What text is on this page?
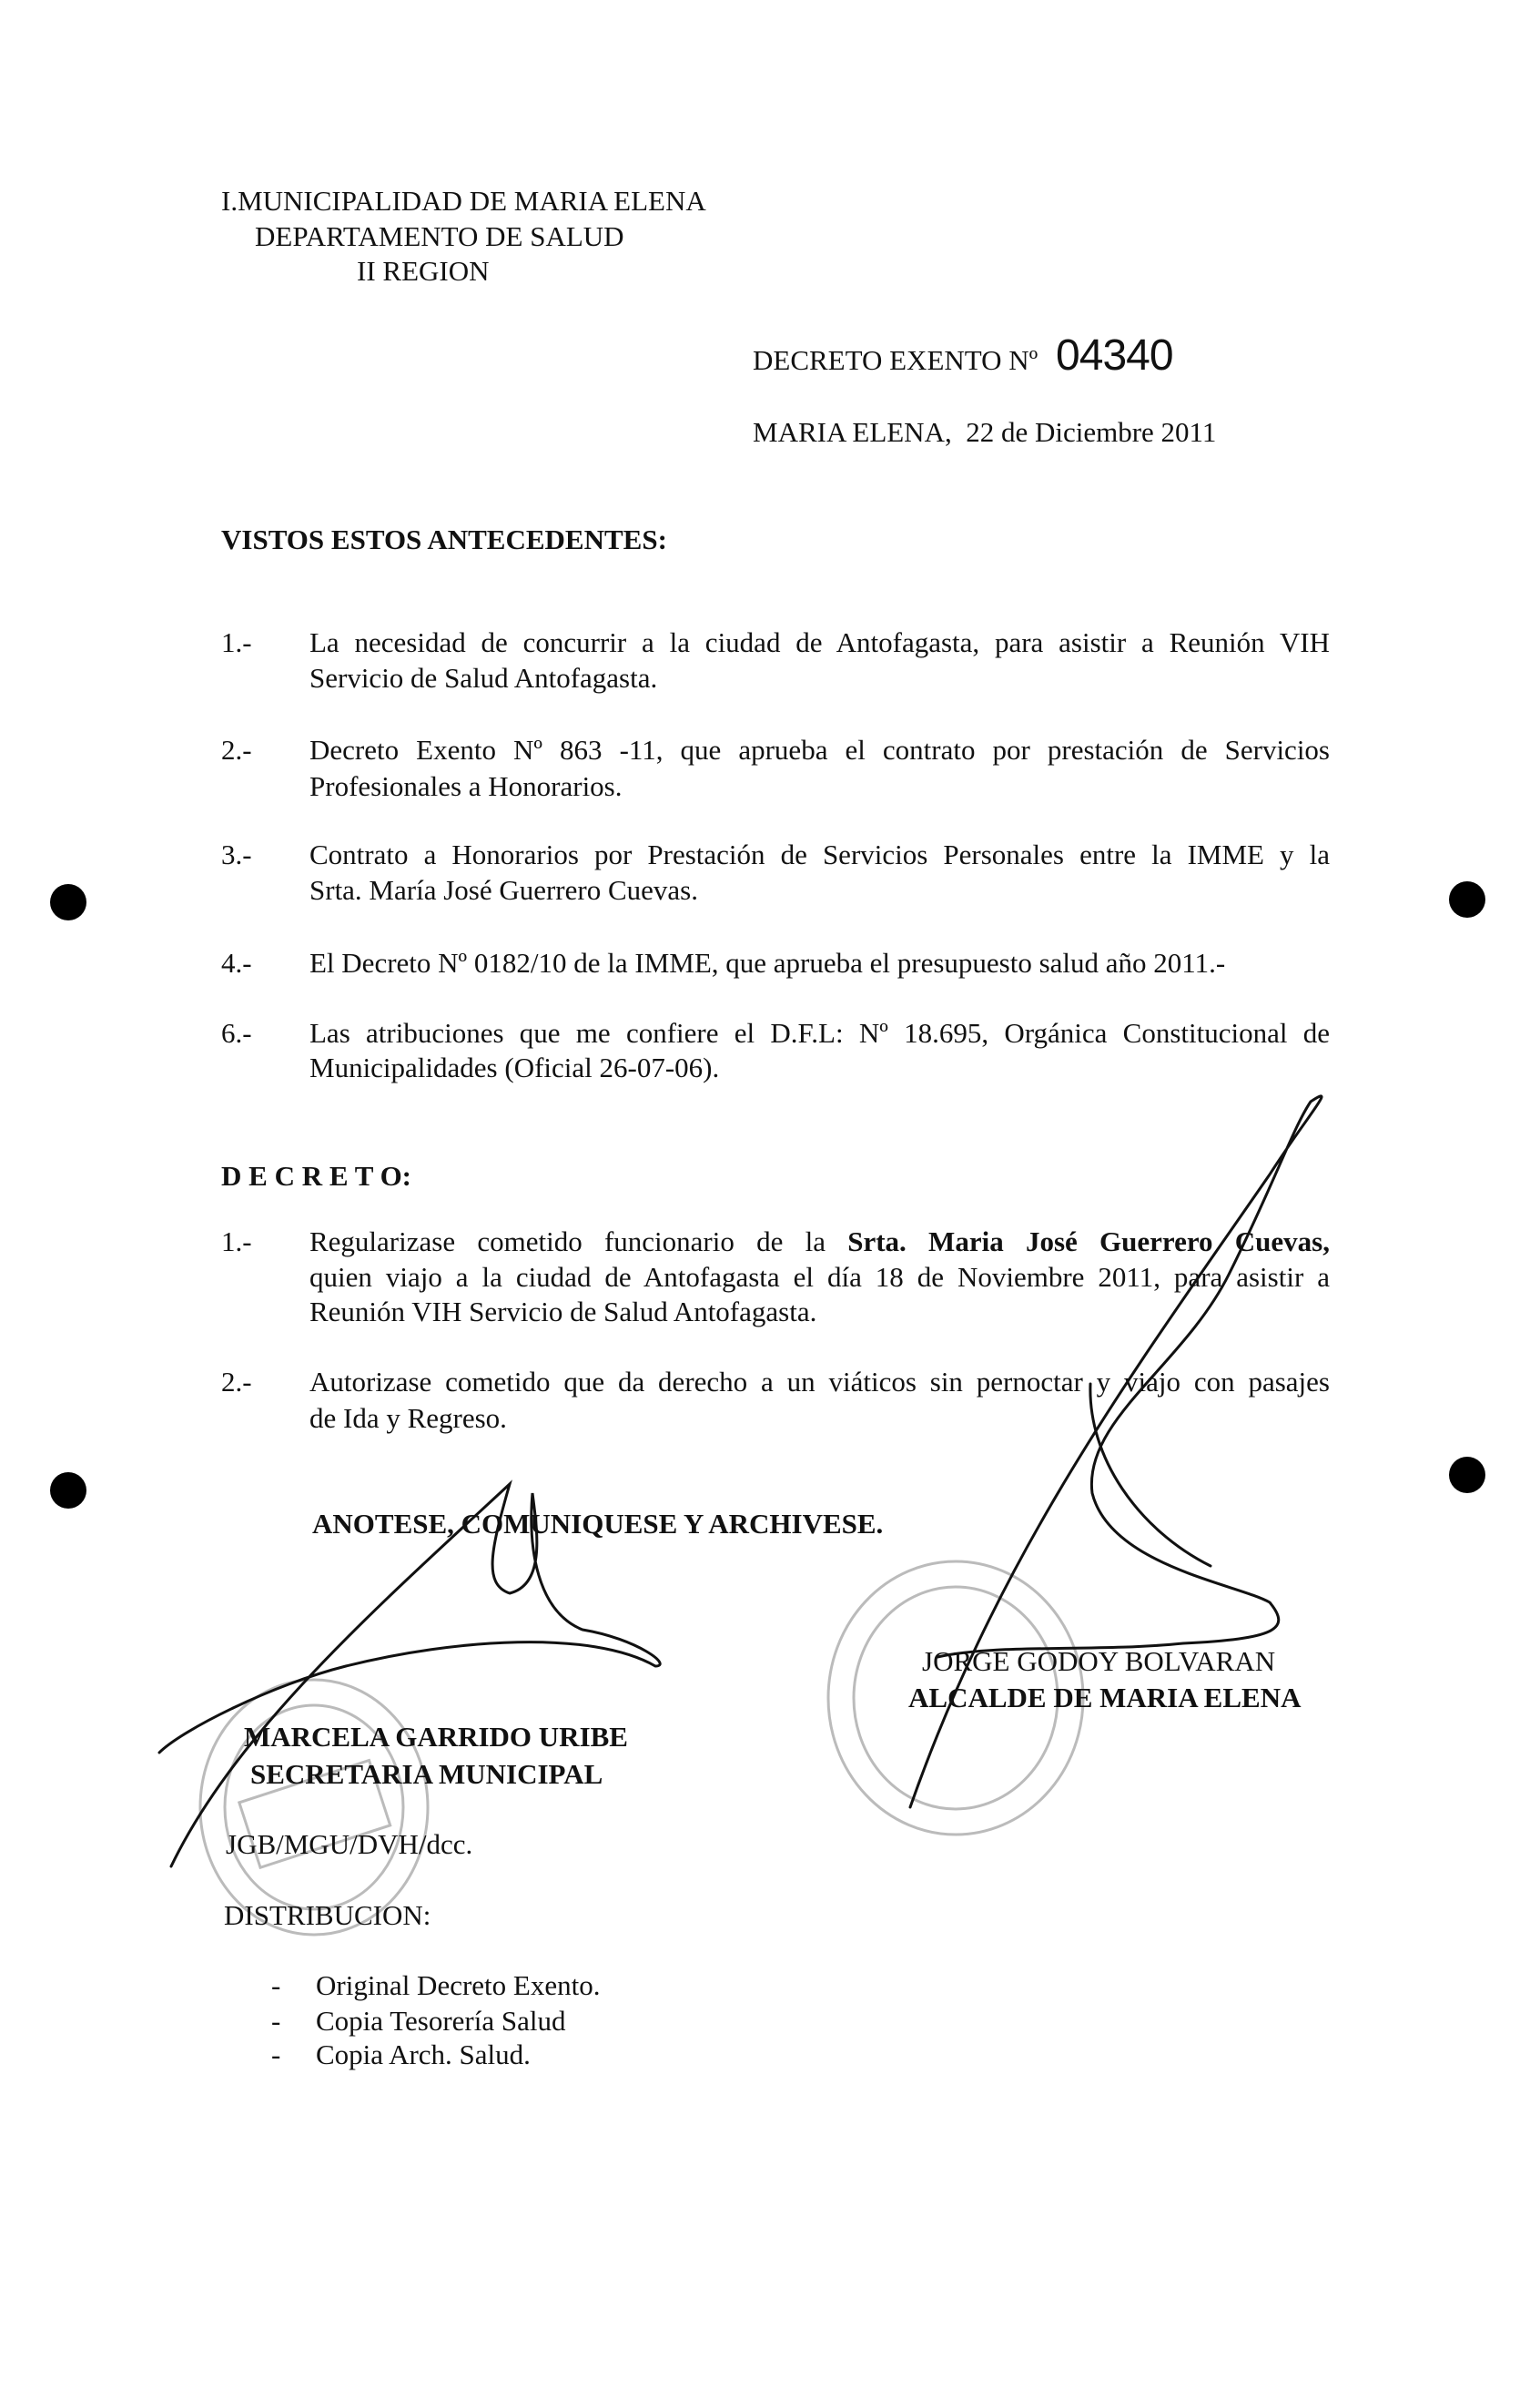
I.MUNICIPALIDAD DE MARIA ELENA
DEPARTAMENTO DE SALUD
II REGION
DECRETO EXENTO Nº 04340
MARIA ELENA,  22 de Diciembre 2011
VISTOS ESTOS ANTECEDENTES:
1.- La necesidad de concurrir a la ciudad de Antofagasta, para asistir a Reunión VIH
Servicio de Salud Antofagasta.
2.- Decreto Exento Nº 863 -11, que aprueba el contrato por prestación de Servicios
Profesionales a Honorarios.
3.- Contrato a Honorarios por Prestación de Servicios Personales entre la IMME y la
Srta. María José Guerrero Cuevas.
4.- El Decreto Nº 0182/10 de la IMME, que aprueba el presupuesto salud año 2011.-
6.- Las atribuciones que me confiere el D.F.L: Nº 18.695, Orgánica Constitucional de
Municipalidades (Oficial 26-07-06).
D E C R E T O:
1.- Regularizase cometido funcionario de la Srta. Maria José Guerrero Cuevas,
quien viajo a la ciudad de Antofagasta el día 18 de Noviembre 2011, para asistir a
Reunión VIH Servicio de Salud Antofagasta.
2.- Autorizase cometido que da derecho a un viáticos sin pernoctar y viajo con pasajes
de Ida y Regreso.
ANOTESE, COMUNIQUESE Y ARCHIVESE.
JORGE GODOY BOLVARAN
ALCALDE DE MARIA ELENA
MARCELA GARRIDO URIBE
SECRETARIA MUNICIPAL
JGB/MGU/DVH/dcc.
DISTRIBUCION:
- Original Decreto Exento.
- Copia Tesorería Salud
- Copia Arch. Salud.
